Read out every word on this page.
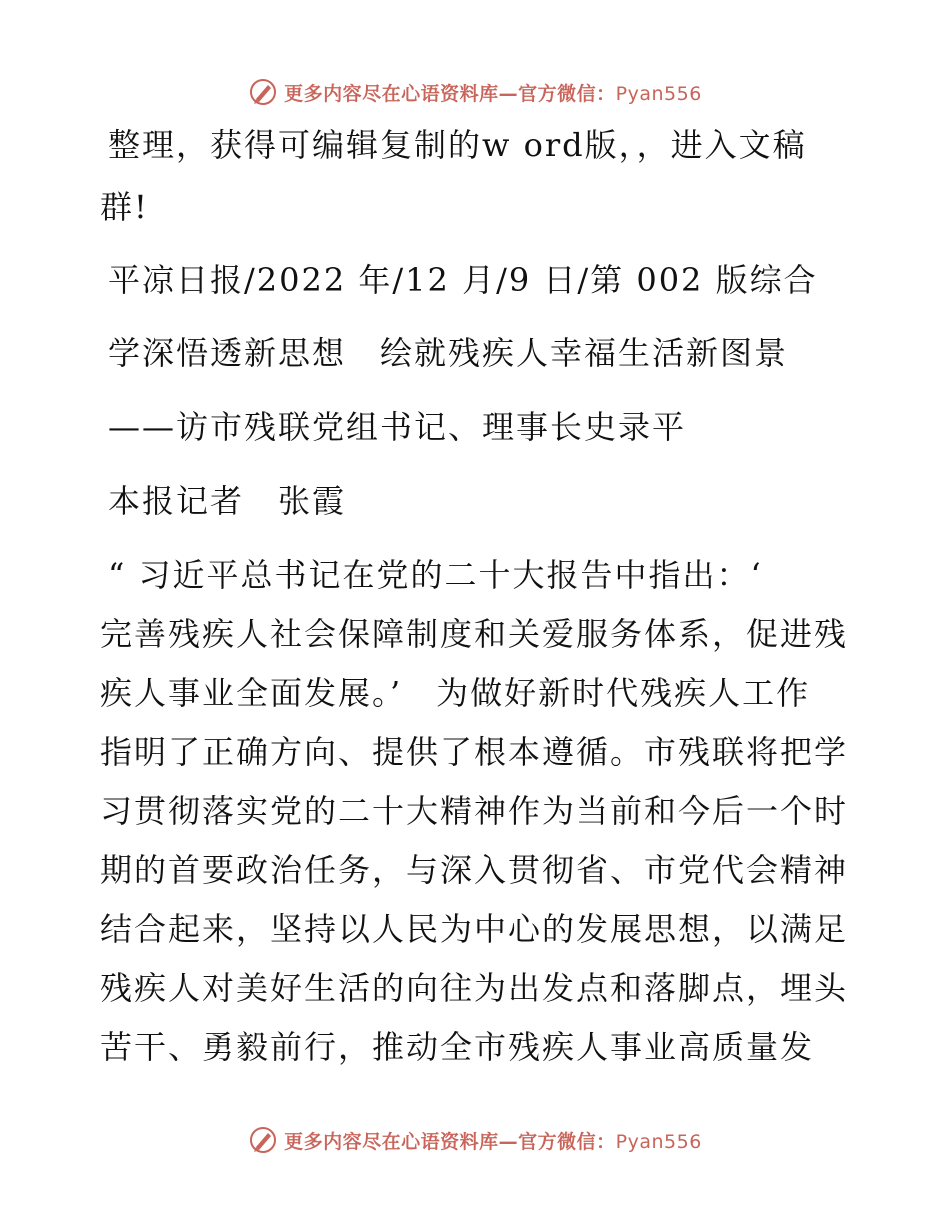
更多内容尽在心语资料库—官方微信：Pyan556
整理，获得可编辑复制的w ord版，，进入文稿
群!
平凉日报/2022 年/12 月/9 日/第 002 版综合
学深悟透新思想　绘就残疾人幸福生活新图景
——访市残联党组书记、理事长史录平
本报记者　张霞
“ 习近平总书记在党的二十大报告中指出：‘
完善残疾人社会保障制度和关爱服务体系，促进残
疾人事业全面发展。’　为做好新时代残疾人工作
指明了正确方向、提供了根本遵循。市残联将把学
习贯彻落实党的二十大精神作为当前和今后一个时
期的首要政治任务，与深入贯彻省、市党代会精神
结合起来，坚持以人民为中心的发展思想，以满足
残疾人对美好生活的向往为出发点和落脚点，埋头
苦干、勇毅前行，推动全市残疾人事业高质量发
更多内容尽在心语资料库—官方微信：Pyan556
